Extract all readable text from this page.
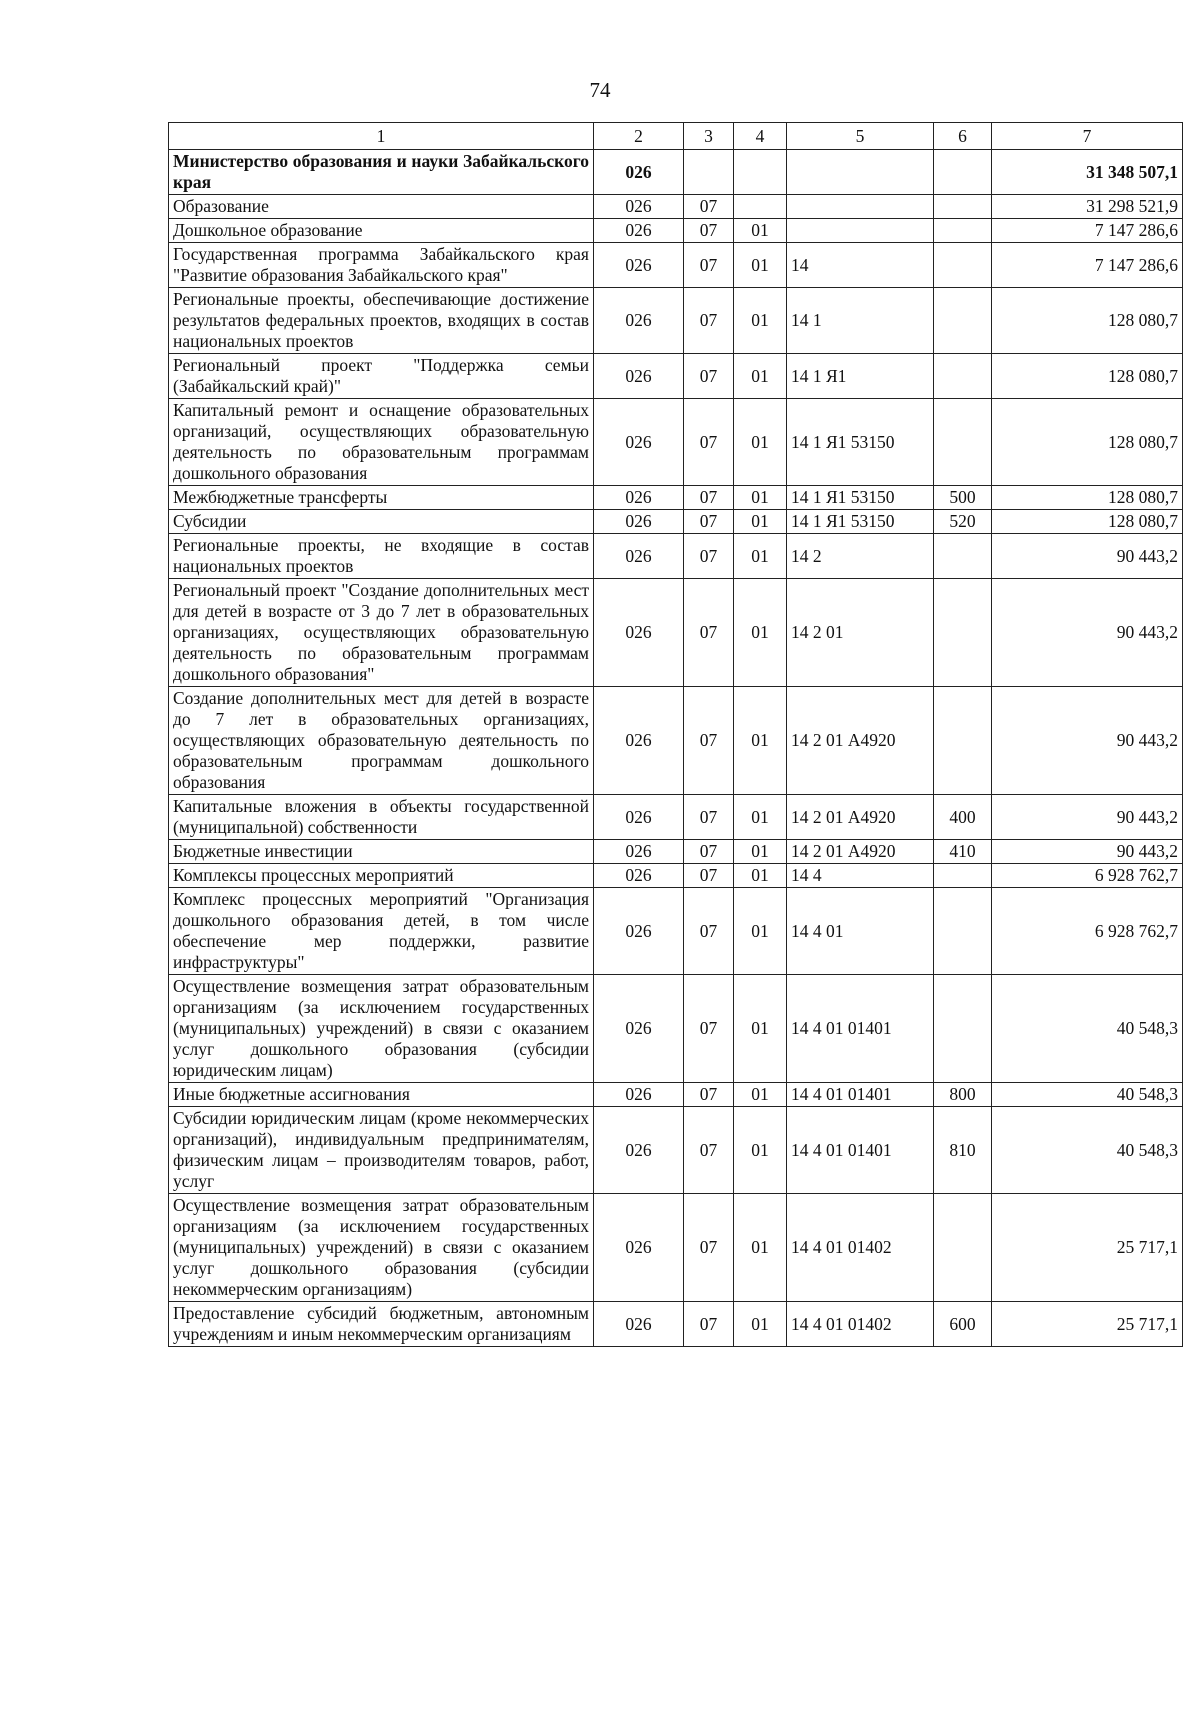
74
1	2	3	4	5	6	7
Министерство образования и науки Забайкальского края	026					31 348 507,1
Образование	026	07				31 298 521,9
Дошкольное образование	026	07	01			7 147 286,6
Государственная программа Забайкальского края "Развитие образования Забайкальского края"	026	07	01	14		7 147 286,6
Региональные проекты, обеспечивающие достижение результатов федеральных проектов, входящих в состав национальных проектов	026	07	01	14 1		128 080,7
Региональный проект "Поддержка семьи (Забайкальский край)"	026	07	01	14 1 Я1		128 080,7
Капитальный ремонт и оснащение образовательных организаций, осуществляющих образовательную деятельность по образовательным программам дошкольного образования	026	07	01	14 1 Я1 53150		128 080,7
Межбюджетные трансферты	026	07	01	14 1 Я1 53150	500	128 080,7
Субсидии	026	07	01	14 1 Я1 53150	520	128 080,7
Региональные проекты, не входящие в состав национальных проектов	026	07	01	14 2		90 443,2
Региональный проект "Создание дополнительных мест для детей в возрасте от 3 до 7 лет в образовательных организациях, осуществляющих образовательную деятельность по образовательным программам дошкольного образования"	026	07	01	14 2 01		90 443,2
Создание дополнительных мест для детей в возрасте до 7 лет в образовательных организациях, осуществляющих образовательную деятельность по образовательным программам дошкольного образования	026	07	01	14 2 01 А4920		90 443,2
Капитальные вложения в объекты государственной (муниципальной) собственности	026	07	01	14 2 01 А4920	400	90 443,2
Бюджетные инвестиции	026	07	01	14 2 01 А4920	410	90 443,2
Комплексы процессных мероприятий	026	07	01	14 4		6 928 762,7
Комплекс процессных мероприятий "Организация дошкольного образования детей, в том числе обеспечение мер поддержки, развитие инфраструктуры"	026	07	01	14 4 01		6 928 762,7
Осуществление возмещения затрат образовательным организациям (за исключением государственных (муниципальных) учреждений) в связи с оказанием услуг дошкольного образования (субсидии юридическим лицам)	026	07	01	14 4 01 01401		40 548,3
Иные бюджетные ассигнования	026	07	01	14 4 01 01401	800	40 548,3
Субсидии юридическим лицам (кроме некоммерческих организаций), индивидуальным предпринимателям, физическим лицам – производителям товаров, работ, услуг	026	07	01	14 4 01 01401	810	40 548,3
Осуществление возмещения затрат образовательным организациям (за исключением государственных (муниципальных) учреждений) в связи с оказанием услуг дошкольного образования (субсидии некоммерческим организациям)	026	07	01	14 4 01 01402		25 717,1
Предоставление субсидий бюджетным, автономным учреждениям и иным некоммерческим организациям	026	07	01	14 4 01 01402	600	25 717,1
